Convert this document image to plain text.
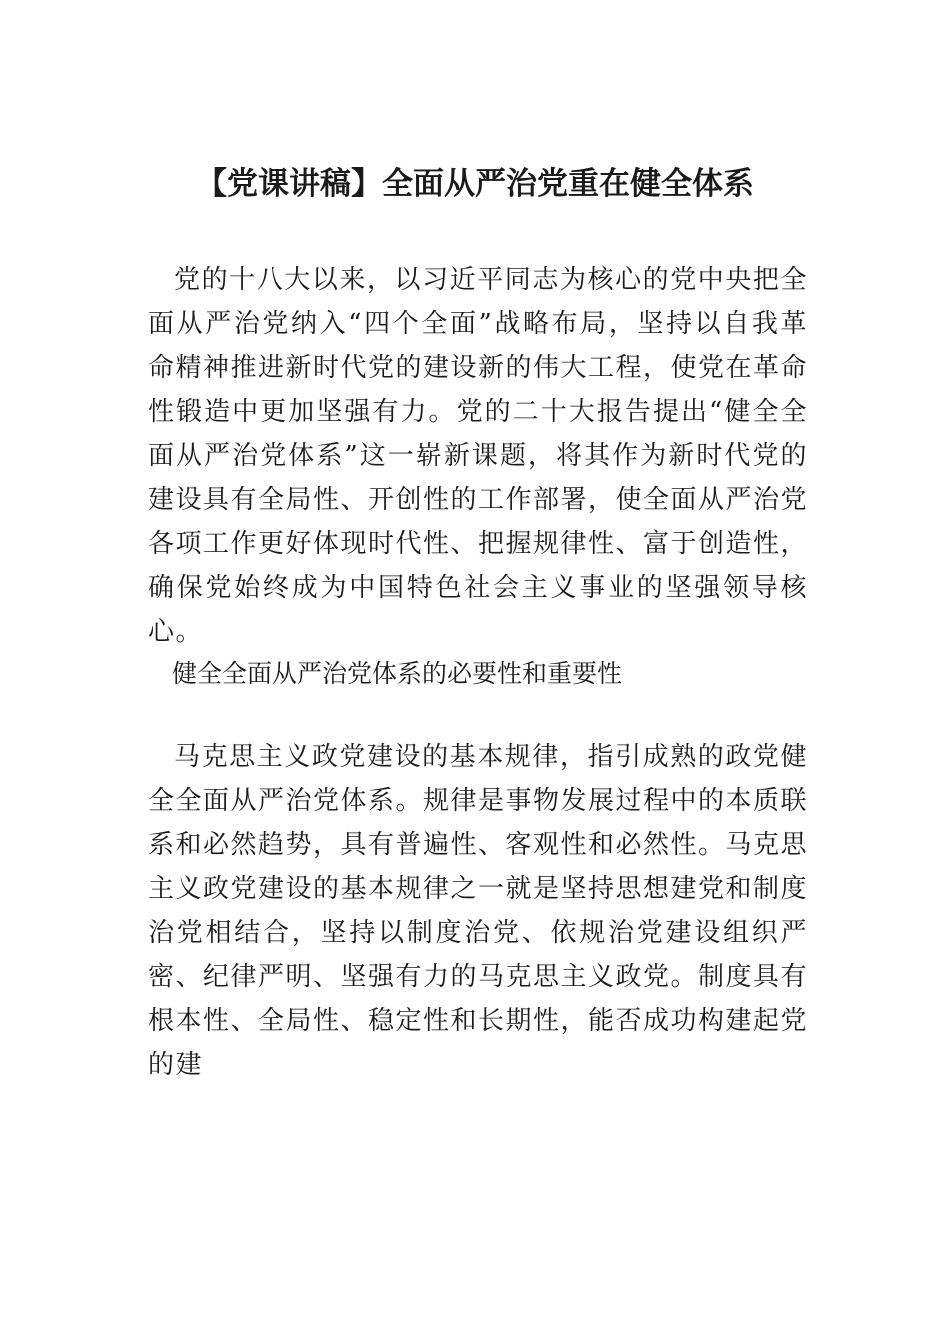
【党课讲稿】全面从严治党重在健全体系

党的十八大以来，以习近平同志为核心的党中央把全面从严治党纳入“四个全面”战略布局，坚持以自我革命精神推进新时代党的建设新的伟大工程，使党在革命性锻造中更加坚强有力。党的二十大报告提出“健全全面从严治党体系”这一崭新课题，将其作为新时代党的建设具有全局性、开创性的工作部署，使全面从严治党各项工作更好体现时代性、把握规律性、富于创造性，确保党始终成为中国特色社会主义事业的坚强领导核心。

健全全面从严治党体系的必要性和重要性

马克思主义政党建设的基本规律，指引成熟的政党健全全面从严治党体系。规律是事物发展过程中的本质联系和必然趋势，具有普遍性、客观性和必然性。马克思主义政党建设的基本规律之一就是坚持思想建党和制度治党相结合，坚持以制度治党、依规治党建设组织严密、纪律严明、坚强有力的马克思主义政党。制度具有根本性、全局性、稳定性和长期性，能否成功构建起党的建
